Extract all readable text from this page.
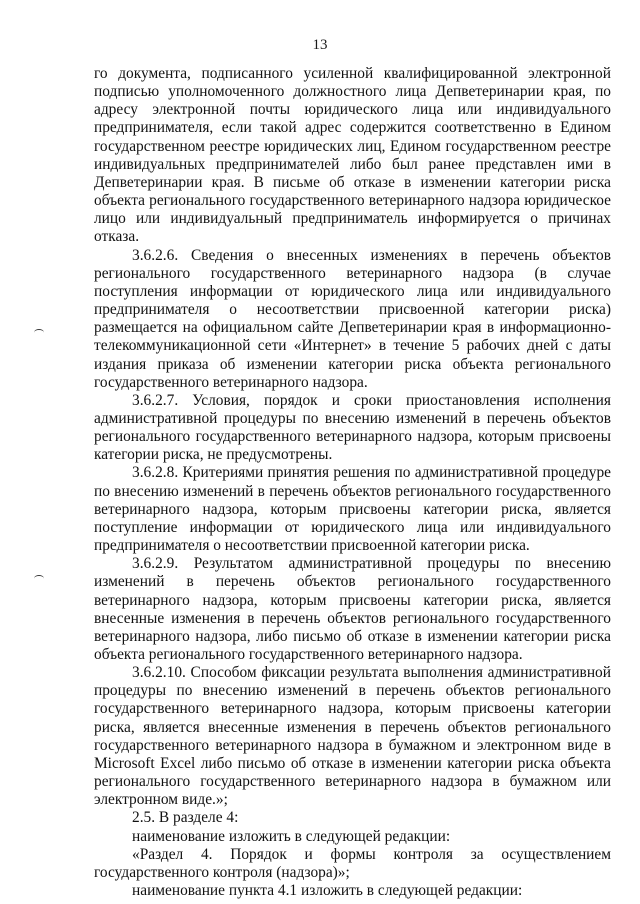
13

го документа, подписанного усиленной квалифицированной электронной подписью уполномоченного должностного лица Депветеринарии края, по адресу электронной почты юридического лица или индивидуального предпринимателя, если такой адрес содержится соответственно в Едином государственном реестре юридических лиц, Едином государственном реестре индивидуальных предпринимателей либо был ранее представлен ими в Депветеринарии края. В письме об отказе в изменении категории риска объекта регионального государственного ветеринарного надзора юридическое лицо или индивидуальный предприниматель информируется о причинах отказа.

3.6.2.6. Сведения о внесенных изменениях в перечень объектов регионального государственного ветеринарного надзора (в случае поступления информации от юридического лица или индивидуального предпринимателя о несоответствии присвоенной категории риска) размещается на официальном сайте Депветеринарии края в информационно-телекоммуникационной сети «Интернет» в течение 5 рабочих дней с даты издания приказа об изменении категории риска объекта регионального государственного ветеринарного надзора.

3.6.2.7. Условия, порядок и сроки приостановления исполнения административной процедуры по внесению изменений в перечень объектов регионального государственного ветеринарного надзора, которым присвоены категории риска, не предусмотрены.

3.6.2.8. Критериями принятия решения по административной процедуре по внесению изменений в перечень объектов регионального государственного ветеринарного надзора, которым присвоены категории риска, является поступление информации от юридического лица или индивидуального предпринимателя о несоответствии присвоенной категории риска.

3.6.2.9. Результатом административной процедуры по внесению изменений в перечень объектов регионального государственного ветеринарного надзора, которым присвоены категории риска, является внесенные изменения в перечень объектов регионального государственного ветеринарного надзора, либо письмо об отказе в изменении категории риска объекта регионального государственного ветеринарного надзора.

3.6.2.10. Способом фиксации результата выполнения административной процедуры по внесению изменений в перечень объектов регионального государственного ветеринарного надзора, которым присвоены категории риска, является внесенные изменения в перечень объектов регионального государственного ветеринарного надзора в бумажном и электронном виде в Microsoft Excel либо письмо об отказе в изменении категории риска объекта регионального государственного ветеринарного надзора в бумажном или электронном виде.»;

2.5. В разделе 4:

наименование изложить в следующей редакции:

«Раздел 4. Порядок и формы контроля за осуществлением государственного контроля (надзора)»;

наименование пункта 4.1 изложить в следующей редакции:
